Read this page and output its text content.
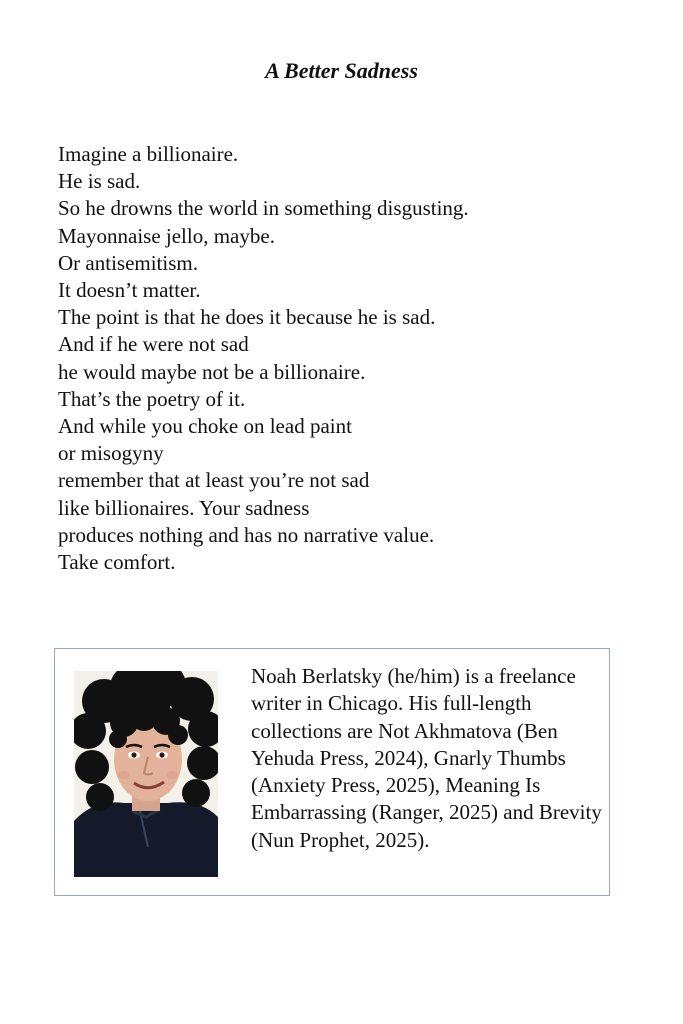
A Better Sadness
Imagine a billionaire.
He is sad.
So he drowns the world in something disgusting.
Mayonnaise jello, maybe.
Or antisemitism.
It doesn’t matter.
The point is that he does it because he is sad.
And if he were not sad
he would maybe not be a billionaire.
That’s the poetry of it.
And while you choke on lead paint
or misogyny
remember that at least you’re not sad
like billionaires. Your sadness
produces nothing and has no narrative value.
Take comfort.

Noah Berlatsky (he/him) is a freelance writer in Chicago. His full-length collections are Not Akhmatova (Ben Yehuda Press, 2024), Gnarly Thumbs (Anxiety Press, 2025), Meaning Is Embarrassing (Ranger, 2025) and Brevity (Nun Prophet, 2025).
